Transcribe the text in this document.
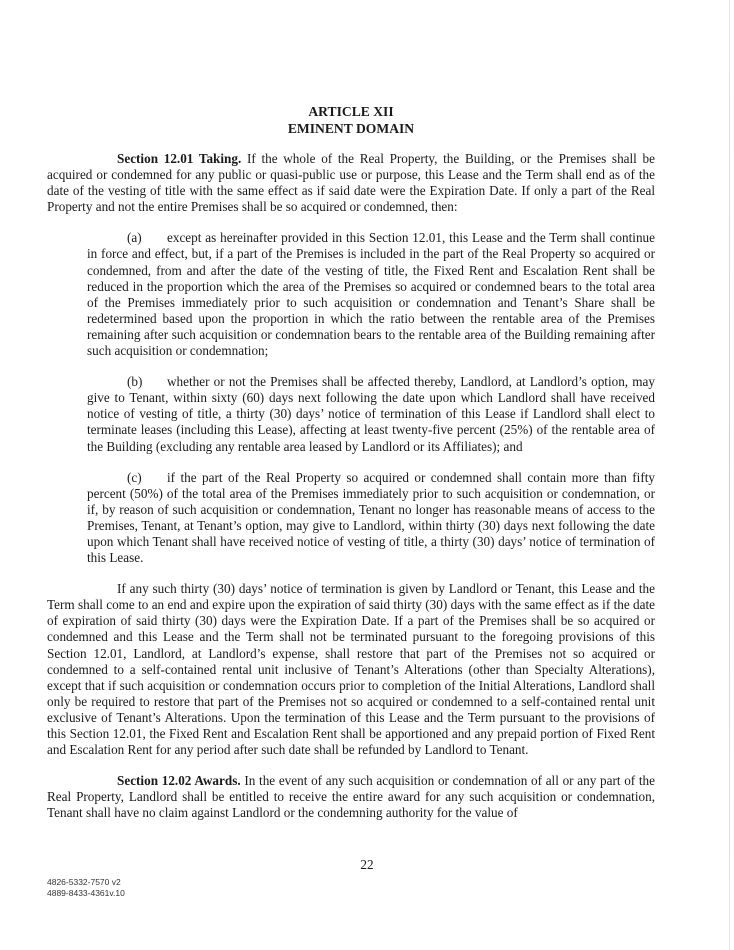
ARTICLE XII
EMINENT DOMAIN

Section 12.01 Taking. If the whole of the Real Property, the Building, or the Premises shall be acquired or condemned for any public or quasi-public use or purpose, this Lease and the Term shall end as of the date of the vesting of title with the same effect as if said date were the Expiration Date. If only a part of the Real Property and not the entire Premises shall be so acquired or condemned, then:

(a) except as hereinafter provided in this Section 12.01, this Lease and the Term shall continue in force and effect, but, if a part of the Premises is included in the part of the Real Property so acquired or condemned, from and after the date of the vesting of title, the Fixed Rent and Escalation Rent shall be reduced in the proportion which the area of the Premises so acquired or condemned bears to the total area of the Premises immediately prior to such acquisition or condemnation and Tenant’s Share shall be redetermined based upon the proportion in which the ratio between the rentable area of the Premises remaining after such acquisition or condemnation bears to the rentable area of the Building remaining after such acquisition or condemnation;

(b) whether or not the Premises shall be affected thereby, Landlord, at Landlord’s option, may give to Tenant, within sixty (60) days next following the date upon which Landlord shall have received notice of vesting of title, a thirty (30) days’ notice of termination of this Lease if Landlord shall elect to terminate leases (including this Lease), affecting at least twenty-five percent (25%) of the rentable area of the Building (excluding any rentable area leased by Landlord or its Affiliates); and

(c) if the part of the Real Property so acquired or condemned shall contain more than fifty percent (50%) of the total area of the Premises immediately prior to such acquisition or condemnation, or if, by reason of such acquisition or condemnation, Tenant no longer has reasonable means of access to the Premises, Tenant, at Tenant’s option, may give to Landlord, within thirty (30) days next following the date upon which Tenant shall have received notice of vesting of title, a thirty (30) days’ notice of termination of this Lease.

If any such thirty (30) days’ notice of termination is given by Landlord or Tenant, this Lease and the Term shall come to an end and expire upon the expiration of said thirty (30) days with the same effect as if the date of expiration of said thirty (30) days were the Expiration Date. If a part of the Premises shall be so acquired or condemned and this Lease and the Term shall not be terminated pursuant to the foregoing provisions of this Section 12.01, Landlord, at Landlord’s expense, shall restore that part of the Premises not so acquired or condemned to a self-contained rental unit inclusive of Tenant’s Alterations (other than Specialty Alterations), except that if such acquisition or condemnation occurs prior to completion of the Initial Alterations, Landlord shall only be required to restore that part of the Premises not so acquired or condemned to a self-contained rental unit exclusive of Tenant’s Alterations. Upon the termination of this Lease and the Term pursuant to the provisions of this Section 12.01, the Fixed Rent and Escalation Rent shall be apportioned and any prepaid portion of Fixed Rent and Escalation Rent for any period after such date shall be refunded by Landlord to Tenant.

Section 12.02 Awards. In the event of any such acquisition or condemnation of all or any part of the Real Property, Landlord shall be entitled to receive the entire award for any such acquisition or condemnation, Tenant shall have no claim against Landlord or the condemning authority for the value of

22
4826-5332-7570 v2
4889-8433-4361v.10
